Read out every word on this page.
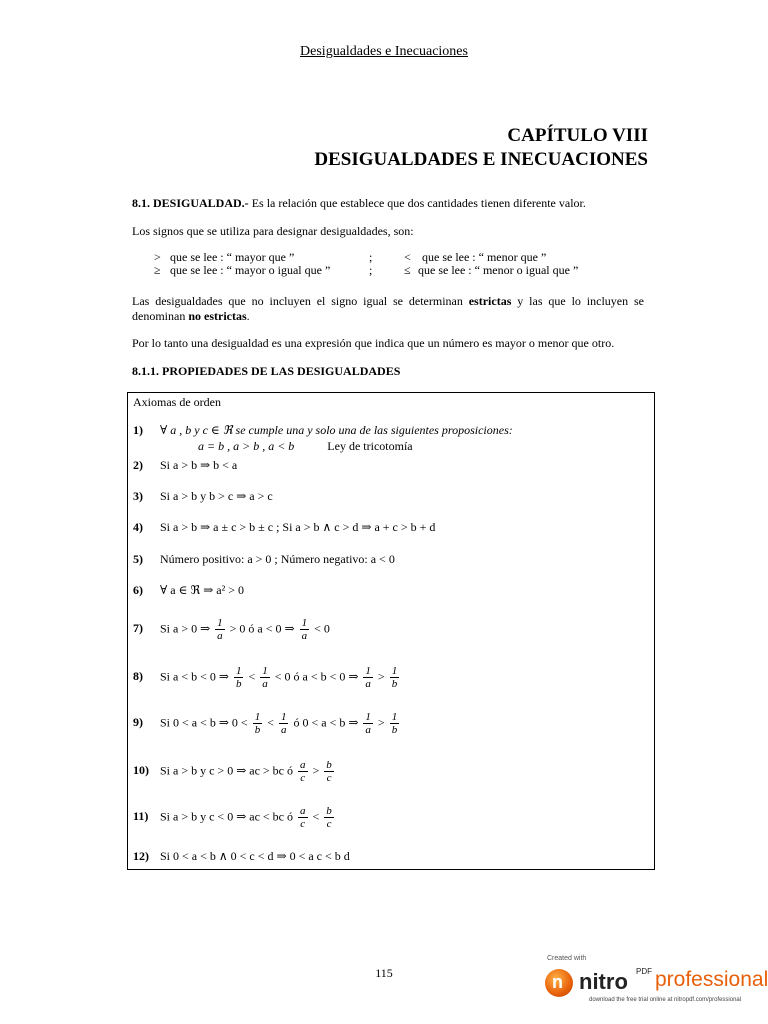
Desigualdades e Inecuaciones
CAPÍTULO VIII
DESIGUALDADES E INECUACIONES
8.1. DESIGUALDAD.- Es la relación que establece que dos cantidades tienen diferente valor.
Los signos que se utiliza para designar desigualdades, son:
> que se lee : “ mayor que ”	;	< que se lee : “ menor que ”
≥ que se lee : “ mayor o igual que ”	;	≤ que se lee : “ menor o igual que ”
Las desigualdades que no incluyen el signo igual se determinan estrictas y las que lo incluyen se denominan no estrictas.
Por lo tanto una desigualdad es una expresión que indica que un número es mayor o menor que otro.
8.1.1. PROPIEDADES DE LAS DESIGUALDADES
Axiomas de orden
1) ∀ a , b y c ∈ ℜ se cumple una y solo una de las siguientes proposiciones:
a = b , a > b , a < b	Ley de tricotomía
2) Si a > b ⇒ b < a
3) Si a > b y b > c ⇒ a > c
4) Si a > b ⇒ a ± c > b ± c ; Si a > b ∧ c > d ⇒ a + c > b + d
5) Número positivo: a > 0 ; Número negativo: a < 0
6) ∀ a ∈ ℜ ⇒ a² > 0
7) Si a > 0 ⇒ $\frac{1}{a} > 0$ ó a < 0 ⇒ $\frac{1}{a} < 0$
8) Si a < b < 0 ⇒ $\frac{1}{b} < \frac{1}{a} < 0$ ó a < b < 0 ⇒ $\frac{1}{a} > \frac{1}{b}$
9) Si 0 < a < b ⇒ $0 < \frac{1}{b} < \frac{1}{a}$ ó 0 < a < b ⇒ $\frac{1}{a} > \frac{1}{b}$
10) Si a > b y c > 0 ⇒ ac > bc ó $\frac{a}{c} > \frac{b}{c}$
11) Si a > b y c < 0 ⇒ ac < bc ó $\frac{a}{c} < \frac{b}{c}$
12) Si 0 < a < b ∧ 0 < c < d ⇒ 0 < a c < b d
115
Created with
n nitro PDF professional
download the free trial online at nitropdf.com/professional
